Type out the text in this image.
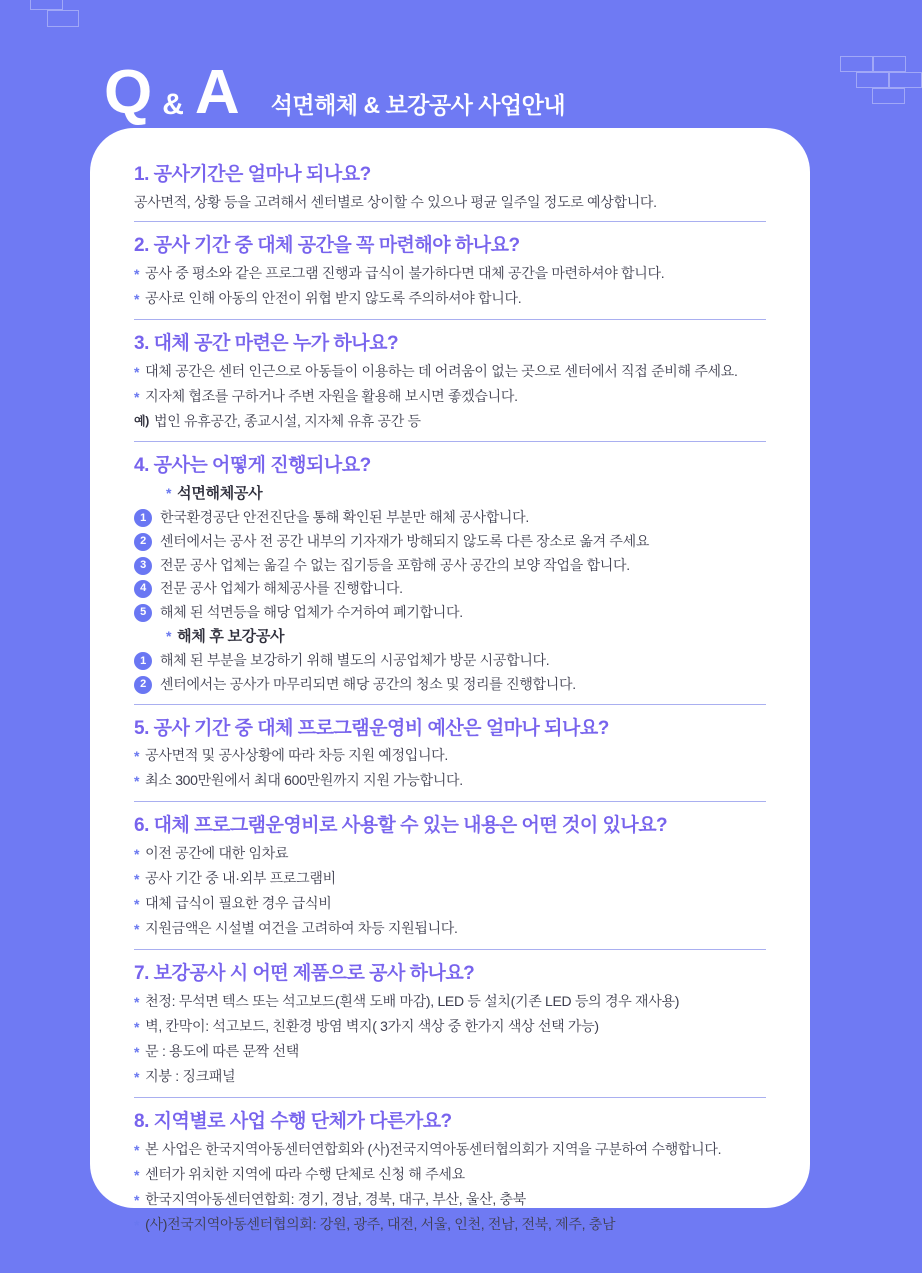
Q & A 석면해체 & 보강공사 사업안내
1. 공사기간은 얼마나 되나요?

공사면적, 상황 등을 고려해서 센터별로 상이할 수 있으나 평균 일주일 정도로 예상합니다.

2. 공사 기간 중 대체 공간을 꼭 마련해야 하나요?

* 공사 중 평소와 같은 프로그램 진행과 급식이 불가하다면 대체 공간을 마련하셔야 합니다.

* 공사로 인해 아동의 안전이 위협 받지 않도록 주의하셔야 합니다.

3. 대체 공간 마련은 누가 하나요?

* 대체 공간은 센터 인근으로 아동들이 이용하는 데 어려움이 없는 곳으로 센터에서 직접 준비해 주세요.

* 지자체 협조를 구하거나 주변 자원을 활용해 보시면 좋겠습니다.

예) 법인 유휴공간, 종교시설, 지자체 유휴 공간 등

4. 공사는 어떻게 진행되나요?

* 석면해체공사

1	한국환경공단 안전진단을 통해 확인된 부분만 해체 공사합니다.

2	센터에서는 공사 전 공간 내부의 기자재가 방해되지 않도록 다른 장소로 옮겨 주세요

3	전문 공사 업체는 옮길 수 없는 집기등을 포함해 공사 공간의 보양 작업을 합니다.

4	전문 공사 업체가 해체공사를 진행합니다.

5	해체 된 석면등을 해당 업체가 수거하여 폐기합니다.

* 해체 후 보강공사

1	해체 된 부분을 보강하기 위해 별도의 시공업체가 방문 시공합니다.

2	센터에서는 공사가 마무리되면 해당 공간의 청소 및 정리를 진행합니다.

5. 공사 기간 중 대체 프로그램운영비 예산은 얼마나 되나요?

* 공사면적 및 공사상황에 따라 차등 지원 예정입니다.

* 최소 300만원에서 최대 600만원까지 지원 가능합니다.

6. 대체 프로그램운영비로 사용할 수 있는 내용은 어떤 것이 있나요?

* 이전 공간에 대한 임차료

* 공사 기간 중 내·외부 프로그램비

* 대체 급식이 필요한 경우 급식비

* 지원금액은 시설별 여건을 고려하여 차등 지원됩니다.

7. 보강공사 시 어떤 제품으로 공사 하나요?

* 천정: 무석면 텍스 또는 석고보드(흰색 도배 마감), LED 등 설치(기존 LED 등의 경우 재사용)

* 벽, 칸막이: 석고보드, 친환경 방염 벽지( 3가지 색상 중 한가지 색상 선택 가능)

* 문 : 용도에 따른 문짝 선택

* 지붕 : 징크패널

8. 지역별로 사업 수행 단체가 다른가요?

* 본 사업은 한국지역아동센터연합회와 (사)전국지역아동센터협의회가 지역을 구분하여 수행합니다.

* 센터가 위치한 지역에 따라 수행 단체로 신청 해 주세요

* 한국지역아동센터연합회: 경기, 경남, 경북, 대구, 부산, 울산, 충북

* (사)전국지역아동센터협의회: 강원, 광주, 대전, 서울, 인천, 전남, 전북, 제주, 충남
